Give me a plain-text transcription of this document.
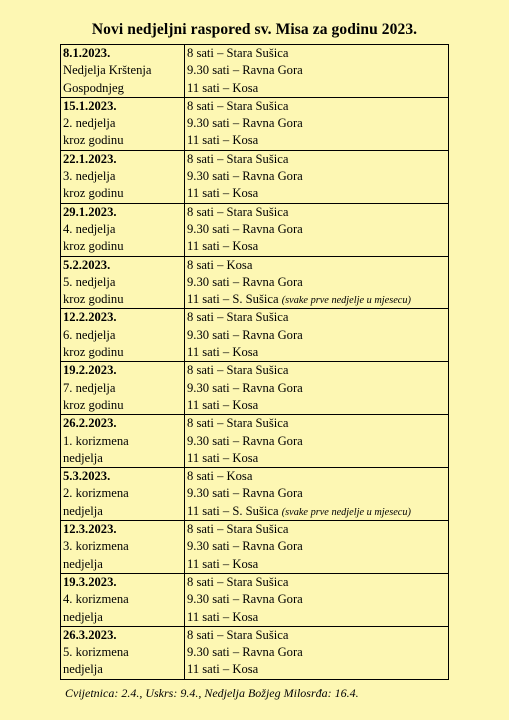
Novi nedjeljni raspored sv. Misa za godinu 2023.
8.1.2023.
Nedjelja Krštenja
Gospodnjeg	8 sati – Stara Sušica
9.30 sati – Ravna Gora
11 sati – Kosa

15.1.2023.
2. nedjelja
kroz godinu	8 sati – Stara Sušica
9.30 sati – Ravna Gora
11 sati – Kosa

22.1.2023.
3. nedjelja
kroz godinu	8 sati – Stara Sušica
9.30 sati – Ravna Gora
11 sati – Kosa

29.1.2023.
4. nedjelja
kroz godinu	8 sati – Stara Sušica
9.30 sati – Ravna Gora
11 sati – Kosa

5.2.2023.
5. nedjelja
kroz godinu	8 sati – Kosa
9.30 sati – Ravna Gora
11 sati – S. Sušica (svake prve nedjelje u mjesecu)

12.2.2023.
6. nedjelja
kroz godinu	8 sati – Stara Sušica
9.30 sati – Ravna Gora
11 sati – Kosa

19.2.2023.
7. nedjelja
kroz godinu	8 sati – Stara Sušica
9.30 sati – Ravna Gora
11 sati – Kosa

26.2.2023.
1. korizmena
nedjelja	8 sati – Stara Sušica
9.30 sati – Ravna Gora
11 sati – Kosa

5.3.2023.
2. korizmena
nedjelja	8 sati – Kosa
9.30 sati – Ravna Gora
11 sati – S. Sušica (svake prve nedjelje u mjesecu)

12.3.2023.
3. korizmena
nedjelja	8 sati – Stara Sušica
9.30 sati – Ravna Gora
11 sati – Kosa

19.3.2023.
4. korizmena
nedjelja	8 sati – Stara Sušica
9.30 sati – Ravna Gora
11 sati – Kosa

26.3.2023.
5. korizmena
nedjelja	8 sati – Stara Sušica
9.30 sati – Ravna Gora
11 sati – Kosa
Cvijetnica: 2.4., Uskrs: 9.4., Nedjelja Božjeg Milosrđa: 16.4.
